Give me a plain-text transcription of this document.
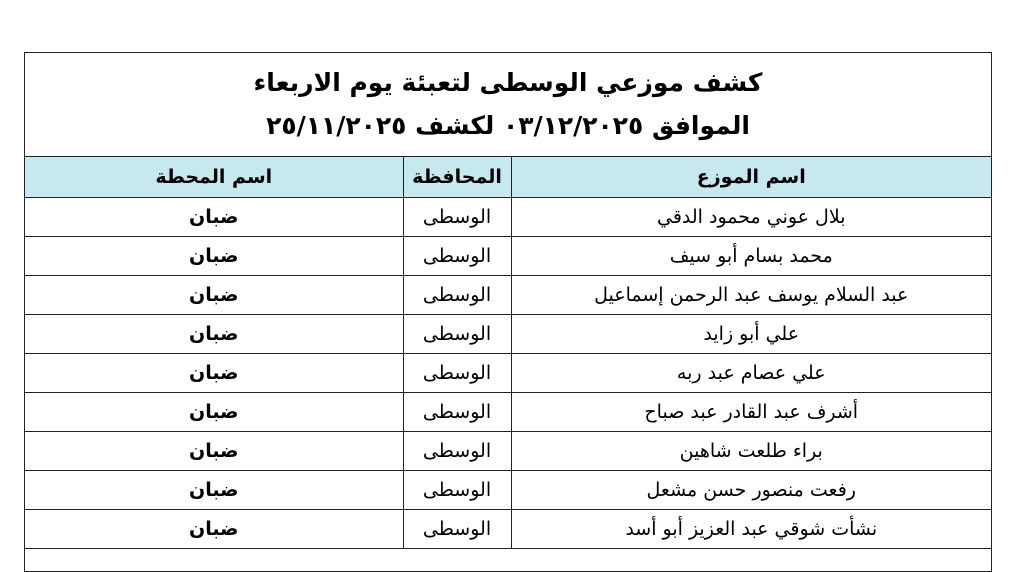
كشف موزعي الوسطى لتعبئة يوم الاربعاء
الموافق ٠٣/١٢/٢٠٢٥ لكشف ٢٥/١١/٢٠٢٥
اسم الموزع	المحافظة	اسم المحطة
بلال عوني محمود الدقي	الوسطى	ضبان
محمد بسام أبو سيف	الوسطى	ضبان
عبد السلام يوسف عبد الرحمن إسماعيل	الوسطى	ضبان
علي أبو زايد	الوسطى	ضبان
علي عصام عبد ربه	الوسطى	ضبان
أشرف عبد القادر عبد صباح	الوسطى	ضبان
براء طلعت شاهين	الوسطى	ضبان
رفعت منصور حسن مشعل	الوسطى	ضبان
نشأت شوقي عبد العزيز أبو أسد	الوسطى	ضبان
